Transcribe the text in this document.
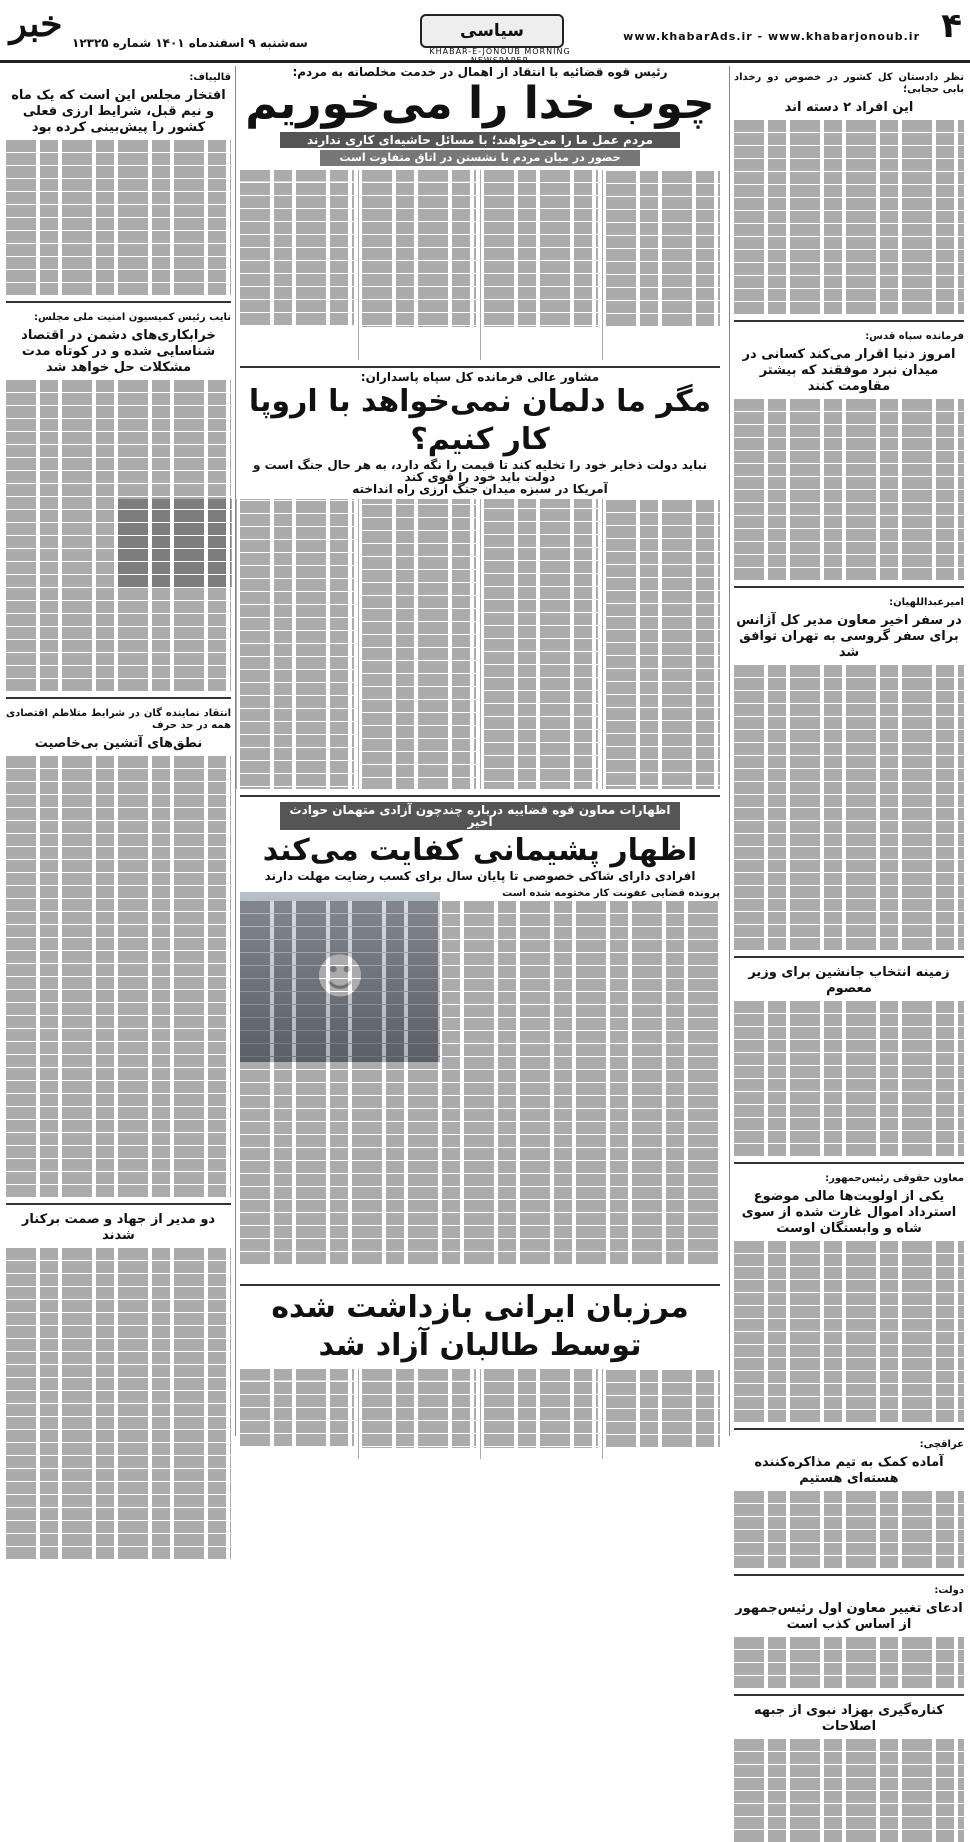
۴
www.khabarAds.ir - www.khabarjonoub.ir
سیاسی
KHABAR-E-JONOUB MORNING NEWSPAPER
خبر سه‌شنبه ۹ اسفندماه ۱۴۰۱ شماره ۱۲۳۲۵
نظر دادستان کل کشور در خصوص دو رخداد بابی حجابی؛
این افراد ۲ دسته اند
فرمانده سپاه قدس:
امروز دنیا اقرار می‌کند کسانی در میدان نبرد موفقند که بیشتر مقاومت کنند
امیرعبداللهیان:
در سفر اخیر معاون مدیر کل آژانس برای سفر گروسی به تهران توافق شد
زمینه انتخاب جانشین برای وزیر معصوم
معاون حقوقی رئیس‌جمهور:
یکی از اولویت‌ها مالی موضوع استرداد اموال غارت شده از سوی شاه و وابستگان اوست
عراقچی:
آماده کمک به تیم مذاکره‌کننده هسته‌ای هستیم
دولت:
ادعای تغییر معاون اول رئیس‌جمهور از اساس کذب است
کناره‌گیری بهزاد نبوی از جبهه اصلاحات
قالیباف:
افتخار مجلس این است که یک ماه و نیم قبل، شرایط ارزی فعلی کشور را پیش‌بینی کرده بود
نایب رئیس کمیسیون امنیت ملی مجلس:
خرابکاری‌های دشمن در اقتصاد شناسایی شده و در کوتاه مدت مشکلات حل خواهد شد
انتقاد نماینده گان در شرایط متلاطم اقتصادی همه در حد حرف
نطق‌های آتشین بی‌خاصیت
دو مدیر از جهاد و صمت برکنار شدند
رئیس قوه قضائیه با انتقاد از اهمال در خدمت مخلصانه به مردم:
چوب خدا را می‌خوریم
مردم عمل ما را می‌خواهند؛ با مسائل حاشیه‌ای کاری ندارند
حضور در میان مردم با نشستن در اتاق متفاوت است
مشاور عالی فرمانده کل سپاه پاسداران:
مگر ما دلمان نمی‌خواهد با اروپا کار کنیم؟
نباید دولت ذخایر خود را تخلیه کند تا قیمت را نگه دارد، به هر حال جنگ است و دولت باید خود را قوی کند
آمریکا در سبزه میدان جنگ ارزی راه انداخته
اظهارات معاون قوه قضاییه درباره چندچون آزادی متهمان حوادث اخیر
اظهار پشیمانی کفایت می‌کند
افرادی دارای شاکی خصوصی تا پایان سال برای کسب رضایت مهلت دارند
☻
پرونده قضایی عفونت کار مختومه شده است
مرزبان ایرانی بازداشت شده توسط طالبان آزاد شد
